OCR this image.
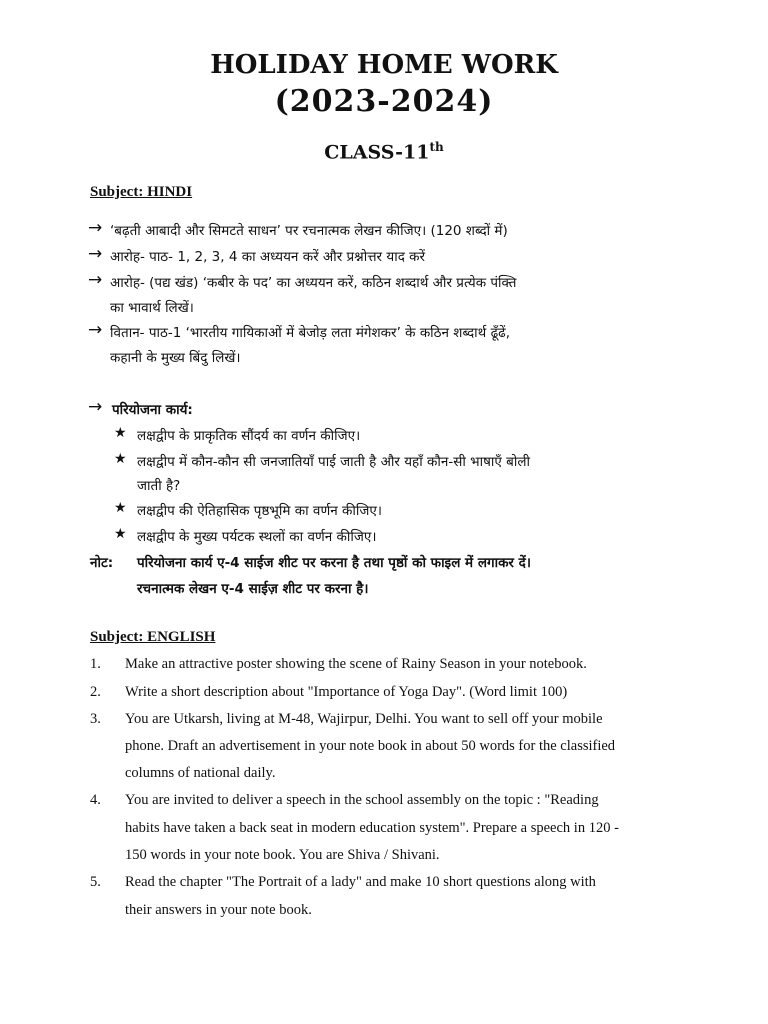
HOLIDAY HOME WORK
(2023-2024)
CLASS-11th
Subject: HINDI
→ ‘बढ़ती आबादी और सिमटते साधन’ पर रचनात्मक लेखन कीजिए। (120 शब्दों में)
→ आरोह- पाठ- 1, 2, 3, 4 का अध्ययन करें और प्रश्नोत्तर याद करें
→ आरोह- (पद्य खंड) ‘कबीर के पद’ का अध्ययन करें, कठिन शब्दार्थ और प्रत्येक पंक्ति
का भावार्थ लिखें।
→ वितान- पाठ-1 ‘भारतीय गायिकाओं में बेजोड़ लता मंगेशकर’ के कठिन शब्दार्थ ढूँढें,
कहानी के मुख्य बिंदु लिखें।
→ परियोजना कार्य:
★ लक्षद्वीप के प्राकृतिक सौंदर्य का वर्णन कीजिए।
★ लक्षद्वीप में कौन-कौन सी जनजातियाँ पाई जाती है और यहाँ कौन-सी भाषाएँ बोली
जाती है?
★ लक्षद्वीप की ऐतिहासिक पृष्ठभूमि का वर्णन कीजिए।
★ लक्षद्वीप के मुख्य पर्यटक स्थलों का वर्णन कीजिए।
नोट: परियोजना कार्य ए-4 साईज शीट पर करना है तथा पृष्ठों को फाइल में लगाकर दें।
रचनात्मक लेखन ए-4 साईज़ शीट पर करना है।
Subject: ENGLISH
1. Make an attractive poster showing the scene of Rainy Season in your notebook.
2. Write a short description about "Importance of Yoga Day". (Word limit 100)
3. You are Utkarsh, living at M-48, Wajirpur, Delhi. You want to sell off your mobile
phone. Draft an advertisement in your note book in about 50 words for the classified
columns of national daily.
4. You are invited to deliver a speech in the school assembly on the topic : "Reading
habits have taken a back seat in modern education system". Prepare a speech in 120 -
150 words in your note book. You are Shiva / Shivani.
5. Read the chapter "The Portrait of a lady" and make 10 short questions along with
their answers in your note book.
